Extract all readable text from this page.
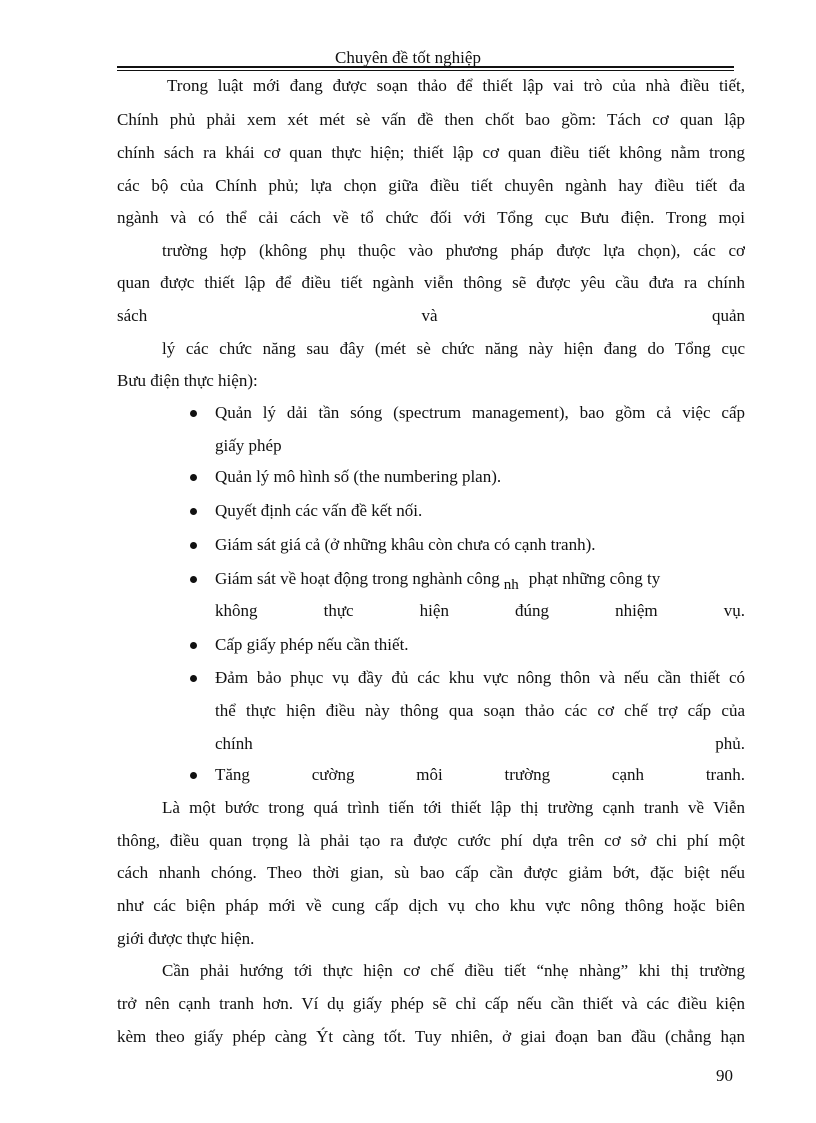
Chuyên đề tốt nghiệp
Trong luật mới đang được soạn thảo để thiết lập vai trò của nhà điều tiết,
Chính phủ phải xem xét mét sè vấn đề then chốt bao gồm: Tách cơ quan lập
chính sách ra khái cơ quan thực hiện; thiết lập cơ quan điều tiết không nằm trong
các bộ của Chính phủ; lựa chọn giữa điều tiết chuyên ngành hay điều tiết đa
ngành và có thể cải cách về tổ chức đối với Tổng cục Bưu điện. Trong mọi
trường hợp (không phụ thuộc vào phương pháp được lựa chọn), các cơ
quan được thiết lập để điều tiết ngành viễn thông sẽ được yêu cầu đưa ra chính
sách và quản
lý các chức năng sau đây (mét sè chức năng này hiện đang do Tổng cục
Bưu điện thực hiện):
Quản lý dải tần sóng (spectrum management), bao gồm cả việc cấp
giấy phép
Quản lý mô hình số (the numbering plan).
Quyết định các vấn đề kết nối.
Giám sát giá cả (ở những khâu còn chưa có cạnh tranh).
Giám sát về hoạt động trong nghành công nh phạt những công ty
không thực hiện đúng nhiệm vụ.
Cấp giấy phép nếu cần thiết.
Đảm bảo phục vụ đầy đủ các khu vực nông thôn và nếu cần thiết có
thể thực hiện điều này thông qua soạn thảo các cơ chế trợ cấp của
chính phủ.
Tăng cường môi trường cạnh tranh.
Là một bước trong quá trình tiến tới thiết lập thị trường cạnh tranh về Viễn
thông, điều quan trọng là phải tạo ra được cước phí dựa trên cơ sở chi phí một
cách nhanh chóng. Theo thời gian, sù bao cấp cần được giảm bớt, đặc biệt nếu
như các biện pháp mới về cung cấp dịch vụ cho khu vực nông thông hoặc biên
giới được thực hiện.
Cần phải hướng tới thực hiện cơ chế điều tiết “nhẹ nhàng” khi thị trường
trở nên cạnh tranh hơn. Ví dụ giấy phép sẽ chỉ cấp nếu cần thiết và các điều kiện
kèm theo giấy phép càng Ýt càng tốt. Tuy nhiên, ở giai đoạn ban đầu (chẳng hạn
90
